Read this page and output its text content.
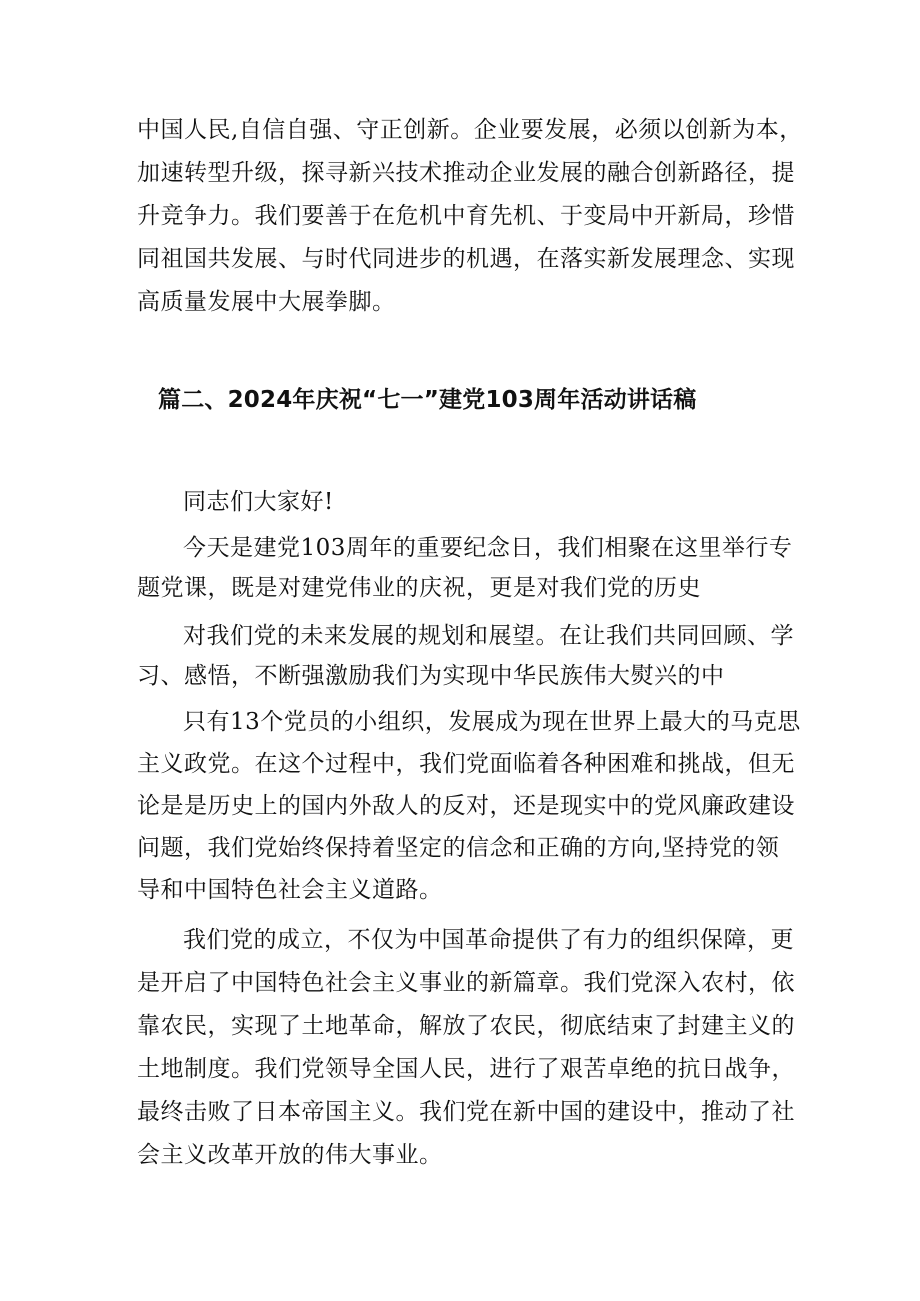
中国人民,自信自强、守正创新。企业要发展，必须以创新为本，
加速转型升级，探寻新兴技术推动企业发展的融合创新路径，提
升竞争力。我们要善于在危机中育先机、于变局中开新局，珍惜
同祖国共发展、与时代同进步的机遇，在落实新发展理念、实现
高质量发展中大展拳脚。
篇二、2024年庆祝“七一”建党103周年活动讲话稿
同志们大家好!
今天是建党103周年的重要纪念日，我们相聚在这里举行专
题党课，既是对建党伟业的庆祝，更是对我们党的历史
对我们党的未来发展的规划和展望。在让我们共同回顾、学
习、感悟，不断强激励我们为实现中华民族伟大熨兴的中
只有13个党员的小组织，发展成为现在世界上最大的马克思
主义政党。在这个过程中，我们党面临着各种困难和挑战，但无
论是是历史上的国内外敌人的反对，还是现实中的党风廉政建设
问题，我们党始终保持着坚定的信念和正确的方向,坚持党的领
导和中国特色社会主义道路。
我们党的成立，不仅为中国革命提供了有力的组织保障，更
是开启了中国特色社会主义事业的新篇章。我们党深入农村，依
靠农民，实现了土地革命，解放了农民，彻底结束了封建主义的
土地制度。我们党领导全国人民，进行了艰苦卓绝的抗日战争，
最终击败了日本帝国主义。我们党在新中国的建设中，推动了社
会主义改革开放的伟大事业。
